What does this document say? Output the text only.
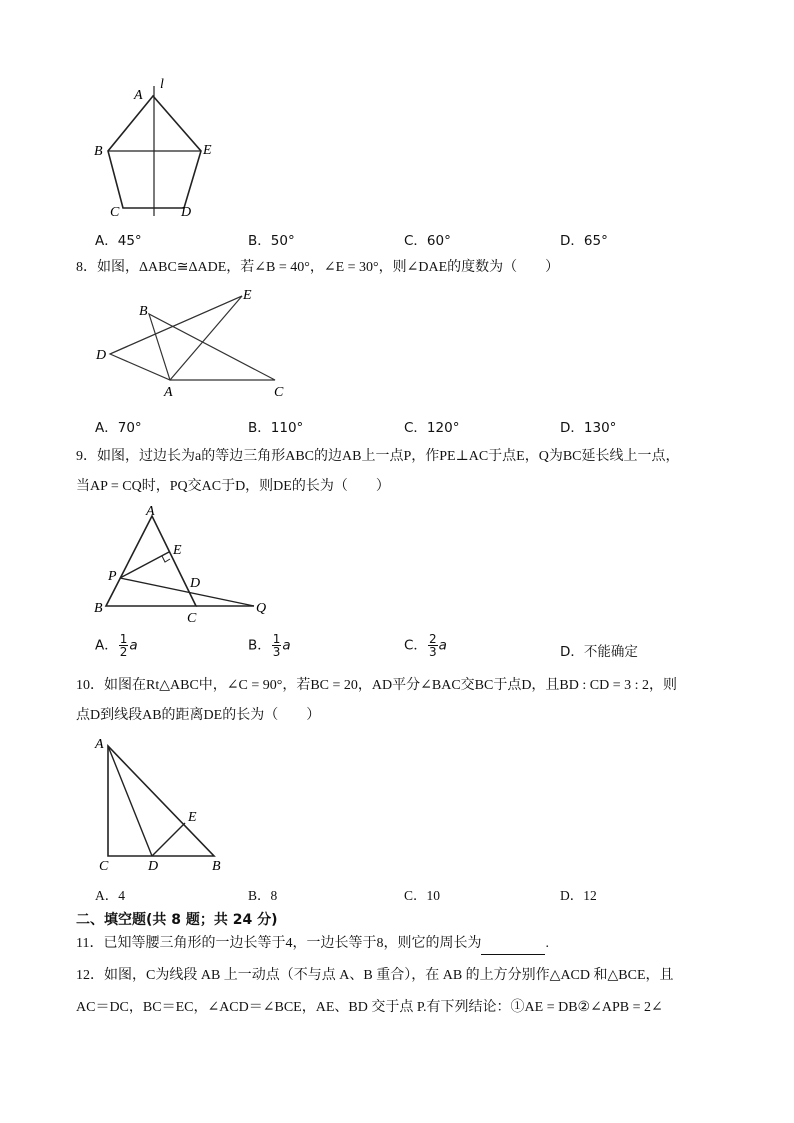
A
l
B	E
C	D
A．45°	B．50°	C．60°	D．65°
8．如图，ΔABC≅ΔADE，若∠B = 40°，∠E = 30°，则∠DAE的度数为（　　）
B
E
D
A	C
A．70°	B．110°	C．120°	D．130°
9．如图，过边长为a的等边三角形ABC的边AB上一点P，作PE⊥AC于点E，Q为BC延长线上一点，
当AP = CQ时，PQ交AC于D，则DE的长为（　　）
A
E
P	D
B
C
Q
A． $\frac{1}{2}$ a	B． $\frac{1}{3}$ a	C． $\frac{2}{3}$ a	D．不能确定
10．如图在Rt△ABC中，∠C = 90°，若BC = 20，AD平分∠BAC交BC于点D，且BD : CD = 3 : 2，则
点D到线段AB的距离DE的长为（　　）
A
E
C	D	B
A．4	B．8	C．10	D．12
二、填空题(共 8 题；共 24 分)
11．已知等腰三角形的一边长等于4，一边长等于8，则它的周长为	.
12．如图，C为线段 AB 上一动点（不与点 A、B 重合），在 AB 的上方分别作△ACD 和△BCE，且
AC＝DC，BC＝EC，∠ACD＝∠BCE，AE、BD 交于点 P.有下列结论：①AE = DB②∠APB = 2∠
